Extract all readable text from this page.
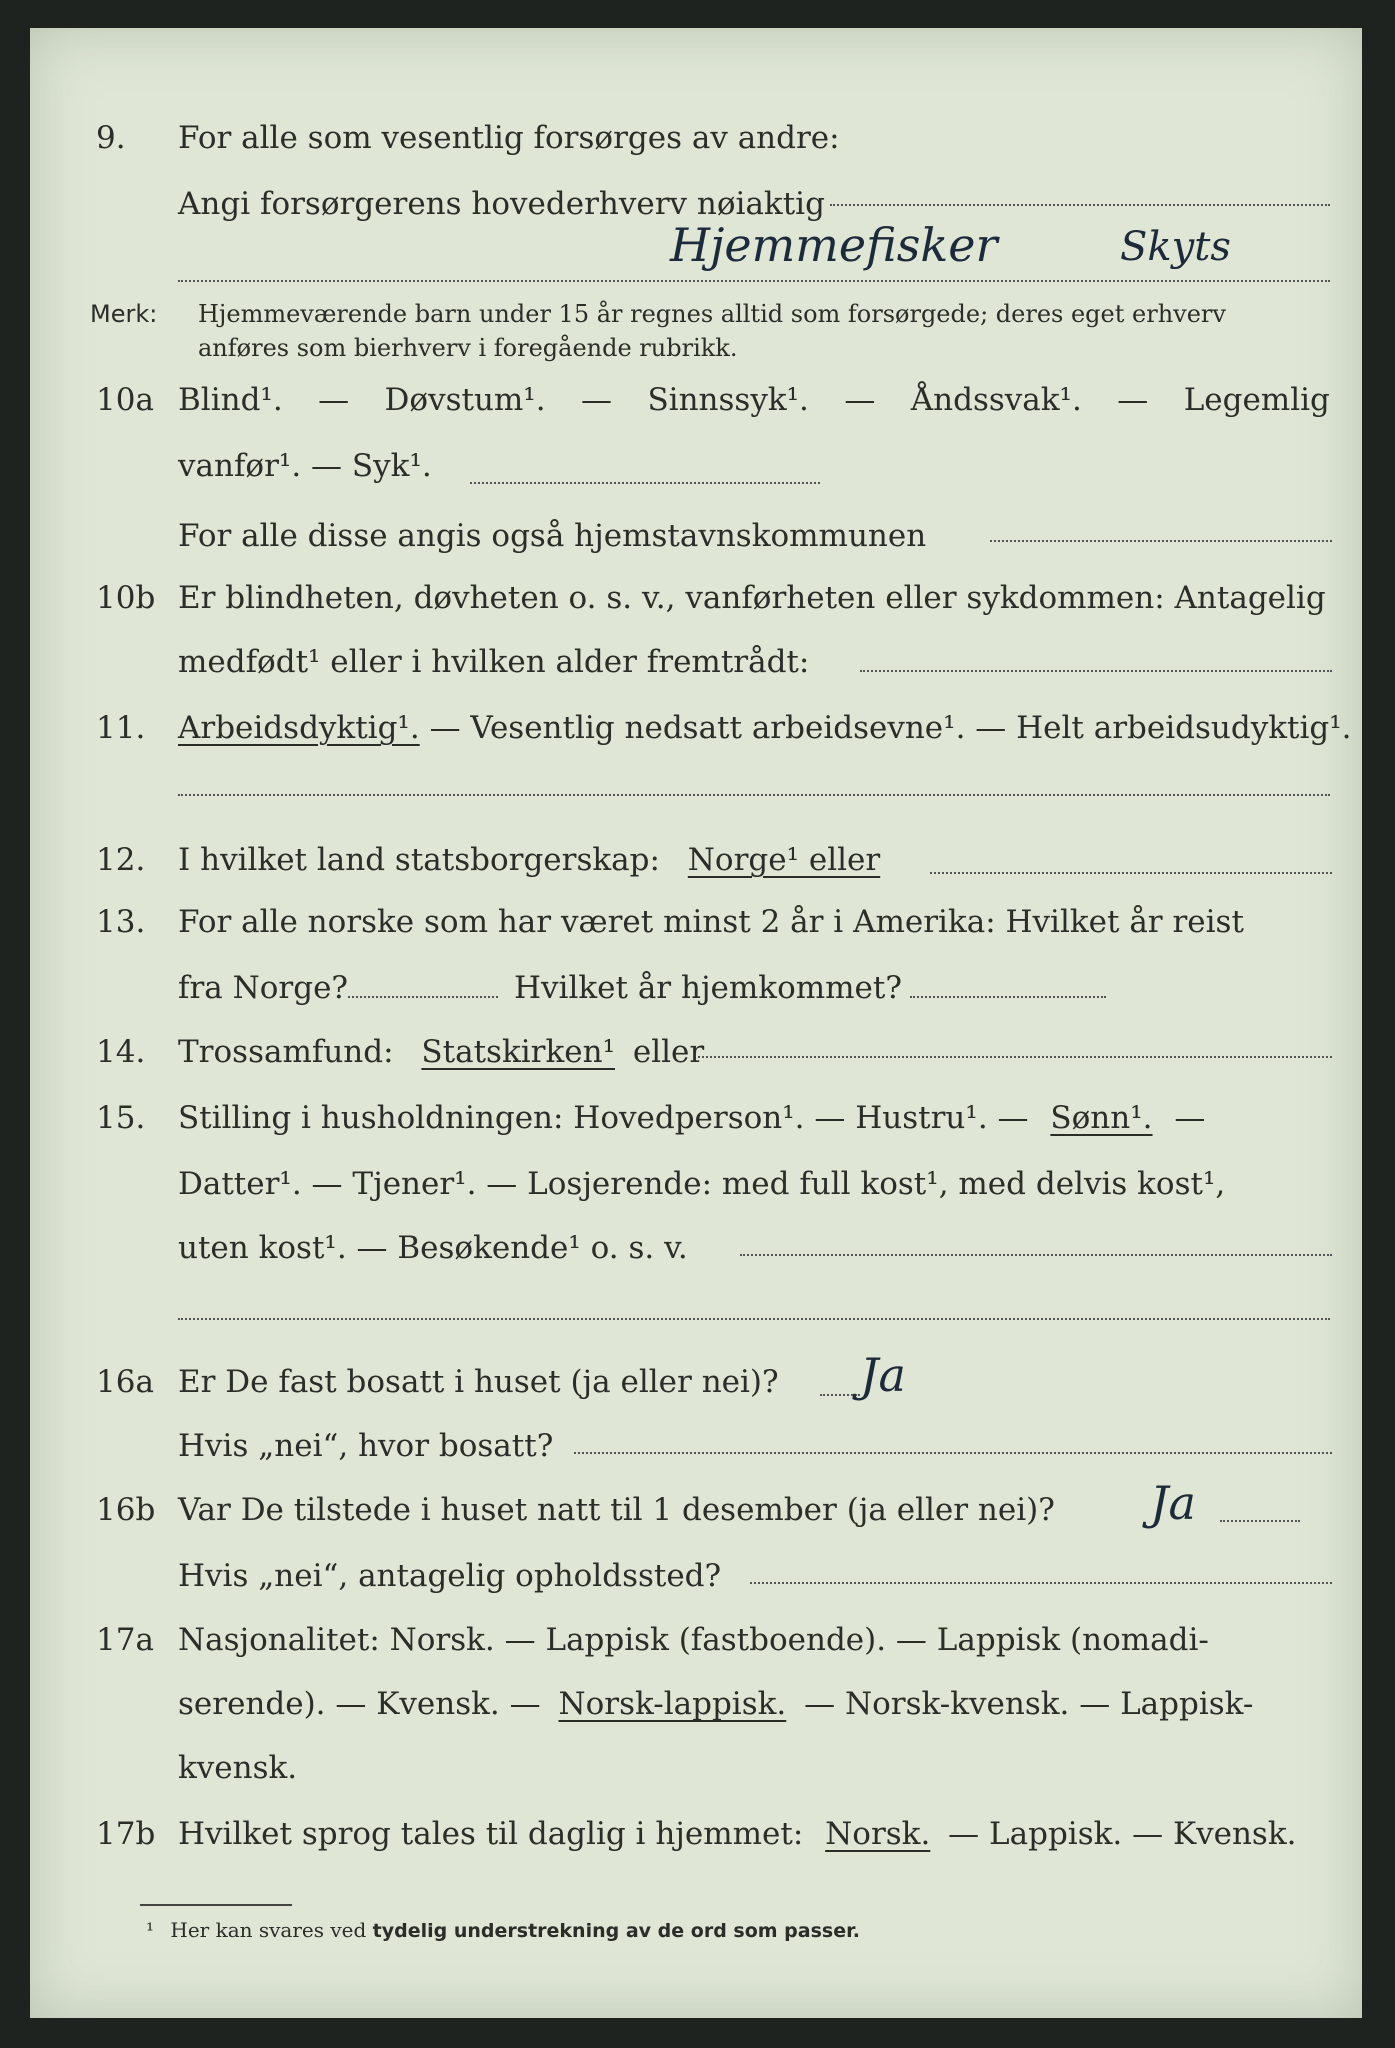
9.	For alle som vesentlig forsørges av andre:
Angi forsørgerens hovederhverv nøiaktig
Hjemmefisker	Skyts
Merk: Hjemmeværende barn under 15 år regnes alltid som forsørgede; deres eget erhverv
anføres som bierhverv i foregående rubrikk.
10a Blind¹. — Døvstum¹. — Sinnssyk¹. — Åndssvak¹. — Legemlig
vanfør¹. — Syk¹.
For alle disse angis også hjemstavnskommunen
10b Er blindheten, døvheten o. s. v., vanførheten eller sykdommen: Antagelig
medfødt¹ eller i hvilken alder fremtrådt:
11.	Arbeidsdyktig¹. — Vesentlig nedsatt arbeidsevne¹. — Helt arbeidsudyktig¹.
12.	I hvilket land statsborgerskap: Norge¹ eller
13.	For alle norske som har været minst 2 år i Amerika: Hvilket år reist
fra Norge?	Hvilket år hjemkommet?
14.	Trossamfund: Statskirken¹ eller
15.	Stilling i husholdningen: Hovedperson¹. — Hustru¹. — Sønn¹. —
Datter¹. — Tjener¹. — Losjerende: med full kost¹, med delvis kost¹,
uten kost¹. — Besøkende¹ o. s. v.
16a Er De fast bosatt i huset (ja eller nei)? Ja
Hvis „nei“, hvor bosatt?
16b Var De tilstede i huset natt til 1 desember (ja eller nei)? Ja
Hvis „nei“, antagelig opholdssted?
17a Nasjonalitet: Norsk. — Lappisk (fastboende). — Lappisk (nomadi-
serende). — Kvensk. — Norsk-lappisk. — Norsk-kvensk. — Lappisk-
kvensk.
17b Hvilket sprog tales til daglig i hjemmet: Norsk. — Lappisk. — Kvensk.
¹ Her kan svares ved tydelig understrekning av de ord som passer.
